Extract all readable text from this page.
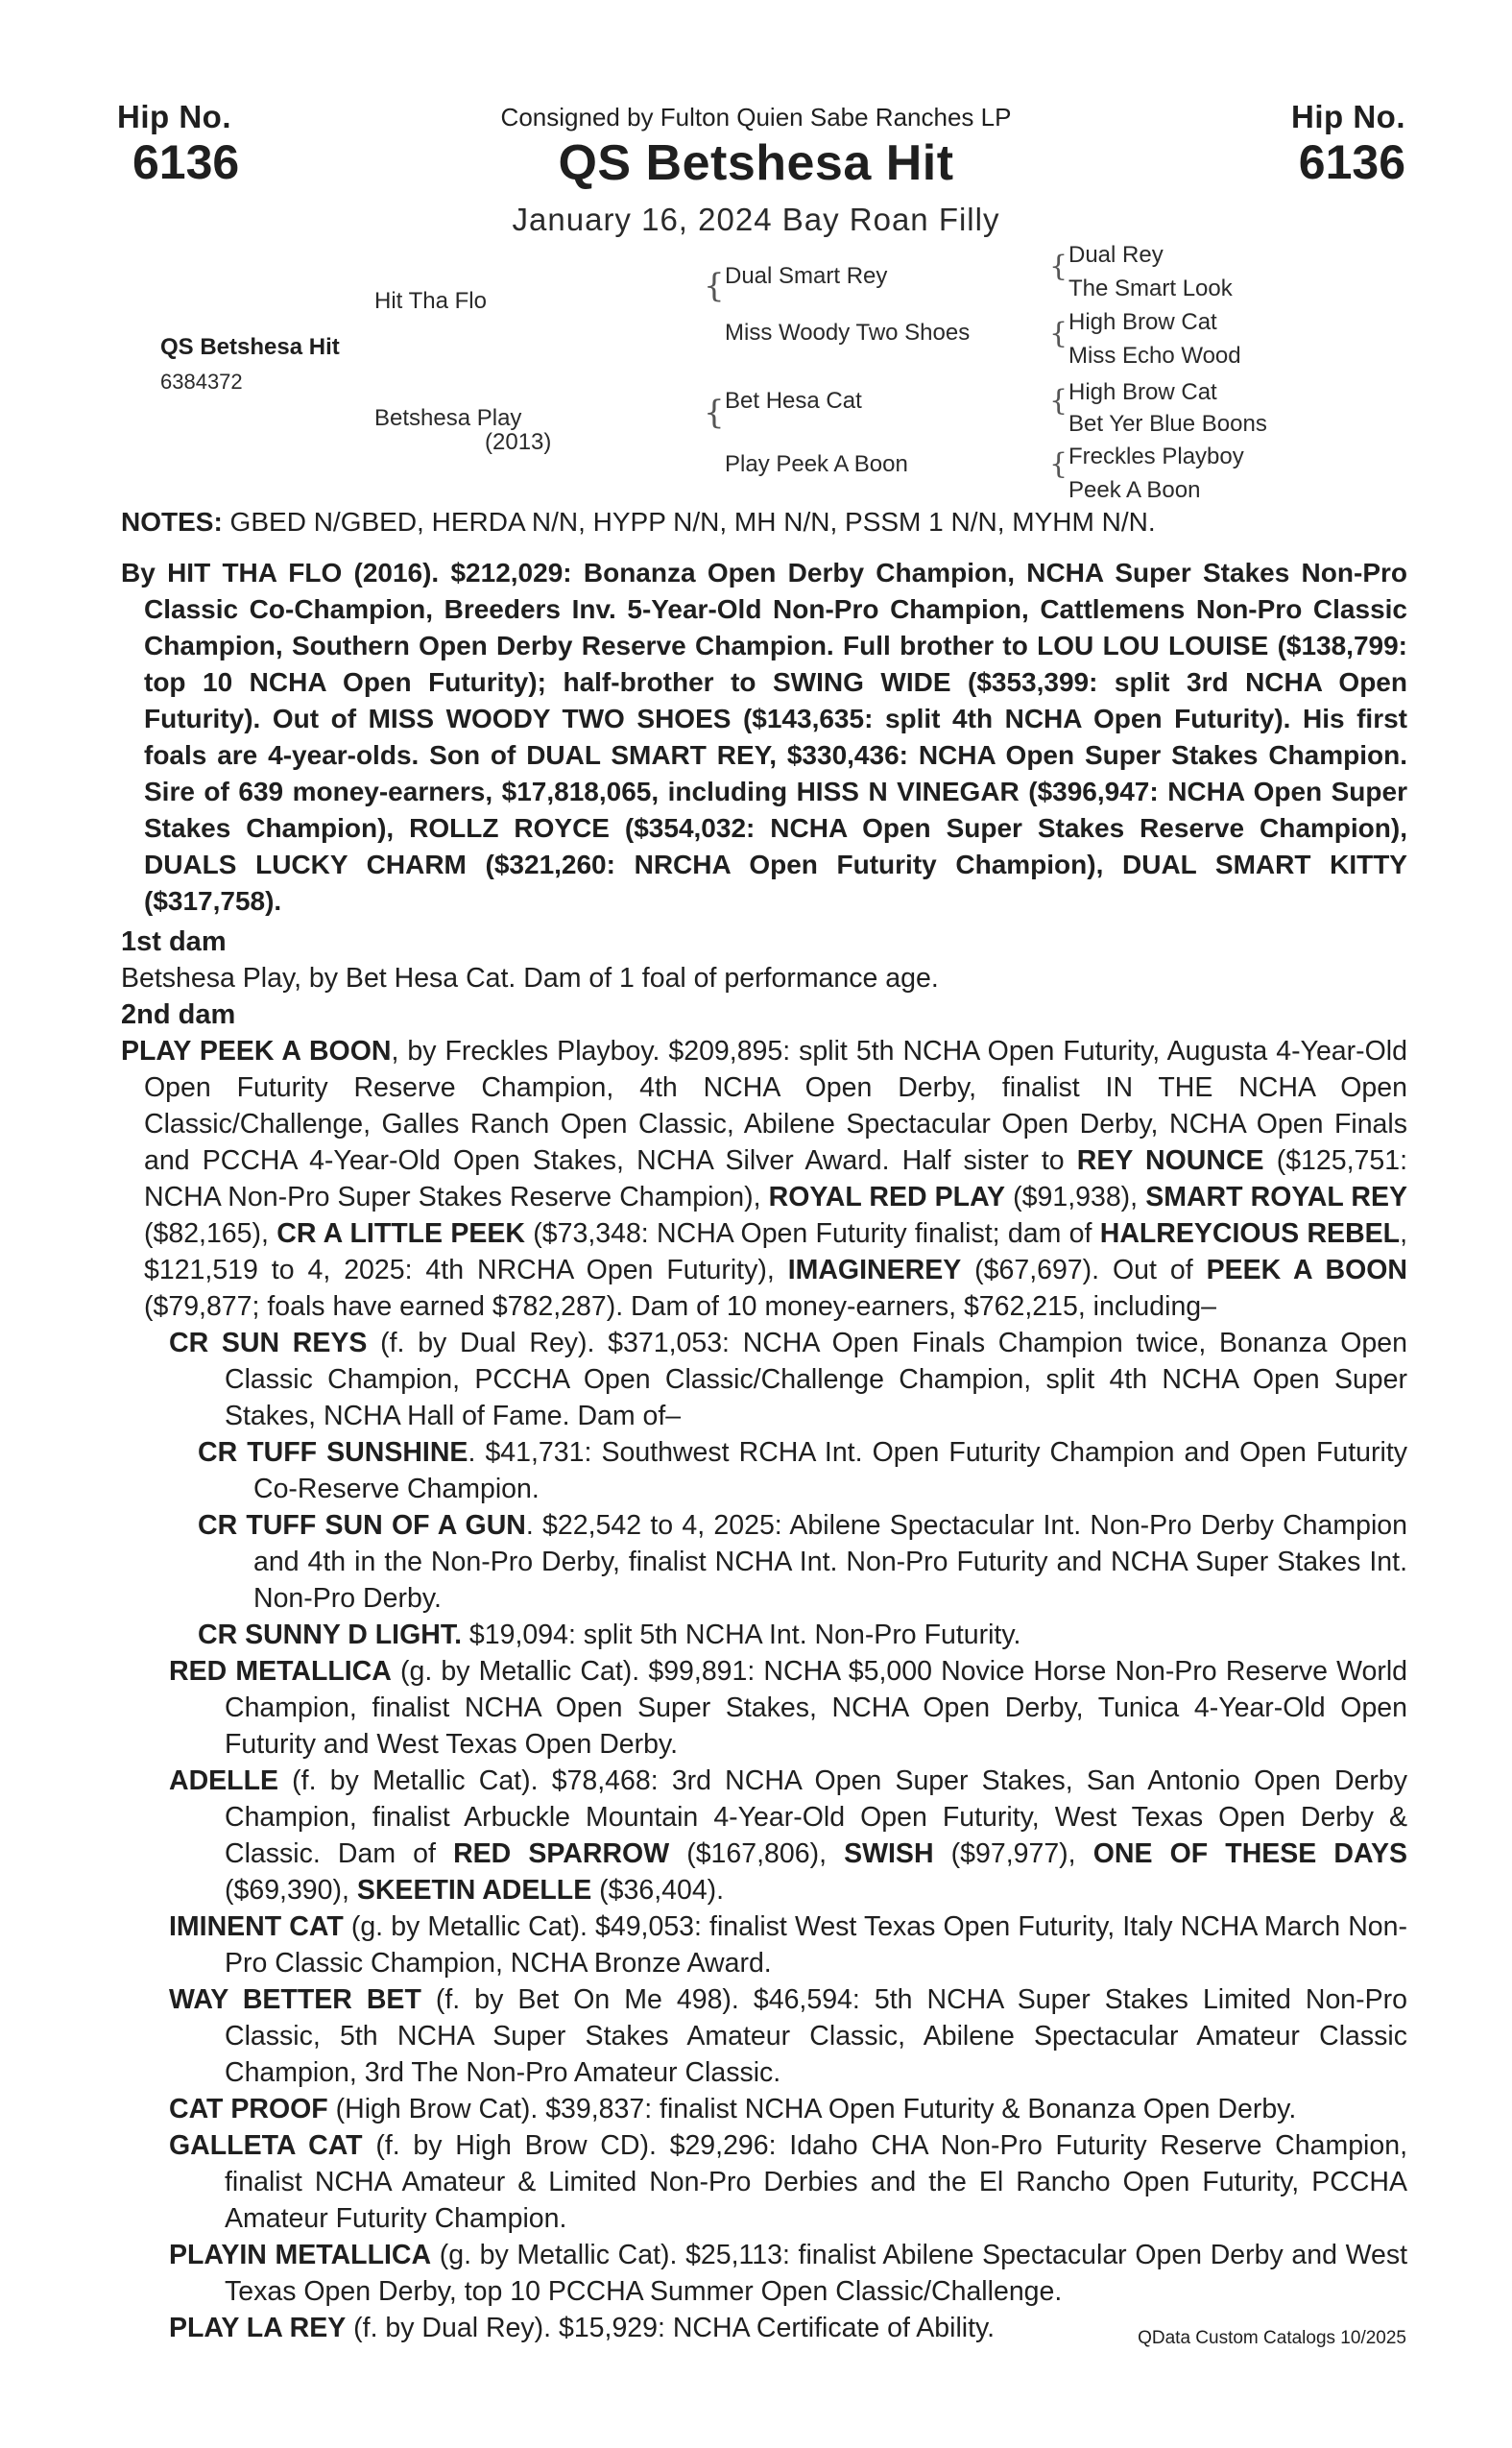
Hip No.
6136
Hip No.
6136
Consigned by Fulton Quien Sabe Ranches LP
QS Betshesa Hit
January 16, 2024 Bay Roan Filly
QS Betshesa Hit
6384372
Hit Tha Flo
Betshesa Play
(2013)
{
{
Dual Smart Rey
Miss Woody Two Shoes
Bet Hesa Cat
Play Peek A Boon
{
{
{
{
Dual Rey
The Smart Look
High Brow Cat
Miss Echo Wood
High Brow Cat
Bet Yer Blue Boons
Freckles Playboy
Peek A Boon
NOTES: GBED N/GBED, HERDA N/N, HYPP N/N, MH N/N, PSSM 1 N/N, MYHM N/N.

By HIT THA FLO (2016). $212,029: Bonanza Open Derby Champion, NCHA Super Stakes Non-Pro Classic Co-Champion, Breeders Inv. 5-Year-Old Non-Pro Champion, Cattlemens Non-Pro Classic Champion, Southern Open Derby Reserve Champion. Full brother to LOU LOU LOUISE ($138,799: top 10 NCHA Open Futurity); half-brother to SWING WIDE ($353,399: split 3rd NCHA Open Futurity). Out of MISS WOODY TWO SHOES ($143,635: split 4th NCHA Open Futurity). His first foals are 4-year-olds. Son of DUAL SMART REY, $330,436: NCHA Open Super Stakes Champion. Sire of 639 money-earners, $17,818,065, including HISS N VINEGAR ($396,947: NCHA Open Super Stakes Champion), ROLLZ ROYCE ($354,032: NCHA Open Super Stakes Reserve Champion), DUALS LUCKY CHARM ($321,260: NRCHA Open Futurity Champion), DUAL SMART KITTY ($317,758).

1st dam

Betshesa Play, by Bet Hesa Cat. Dam of 1 foal of performance age.

2nd dam

PLAY PEEK A BOON, by Freckles Playboy. $209,895: split 5th NCHA Open Futurity, Augusta 4-Year-Old Open Futurity Reserve Champion, 4th NCHA Open Derby, finalist IN THE NCHA Open Classic/Challenge, Galles Ranch Open Classic, Abilene Spectacular Open Derby, NCHA Open Finals and PCCHA 4-Year-Old Open Stakes, NCHA Silver Award. Half sister to REY NOUNCE ($125,751: NCHA Non-Pro Super Stakes Reserve Champion), ROYAL RED PLAY ($91,938), SMART ROYAL REY ($82,165), CR A LITTLE PEEK ($73,348: NCHA Open Futurity finalist; dam of HALREYCIOUS REBEL, $121,519 to 4, 2025: 4th NRCHA Open Futurity), IMAGINEREY ($67,697). Out of PEEK A BOON ($79,877; foals have earned $782,287). Dam of 10 money-earners, $762,215, including–

CR SUN REYS (f. by Dual Rey). $371,053: NCHA Open Finals Champion twice, Bonanza Open Classic Champion, PCCHA Open Classic/Challenge Champion, split 4th NCHA Open Super Stakes, NCHA Hall of Fame. Dam of–

CR TUFF SUNSHINE. $41,731: Southwest RCHA Int. Open Futurity Champion and Open Futurity Co-Reserve Champion.

CR TUFF SUN OF A GUN. $22,542 to 4, 2025: Abilene Spectacular Int. Non-Pro Derby Champion and 4th in the Non-Pro Derby, finalist NCHA Int. Non-Pro Futurity and NCHA Super Stakes Int. Non-Pro Derby.

CR SUNNY D LIGHT. $19,094: split 5th NCHA Int. Non-Pro Futurity.

RED METALLICA (g. by Metallic Cat). $99,891: NCHA $5,000 Novice Horse Non-Pro Reserve World Champion, finalist NCHA Open Super Stakes, NCHA Open Derby, Tunica 4-Year-Old Open Futurity and West Texas Open Derby.

ADELLE (f. by Metallic Cat). $78,468: 3rd NCHA Open Super Stakes, San Antonio Open Derby Champion, finalist Arbuckle Mountain 4-Year-Old Open Futurity, West Texas Open Derby & Classic. Dam of RED SPARROW ($167,806), SWISH ($97,977), ONE OF THESE DAYS ($69,390), SKEETIN ADELLE ($36,404).

IMINENT CAT (g. by Metallic Cat). $49,053: finalist West Texas Open Futurity, Italy NCHA March Non-Pro Classic Champion, NCHA Bronze Award.

WAY BETTER BET (f. by Bet On Me 498). $46,594: 5th NCHA Super Stakes Limited Non-Pro Classic, 5th NCHA Super Stakes Amateur Classic, Abilene Spectacular Amateur Classic Champion, 3rd The Non-Pro Amateur Classic.

CAT PROOF (High Brow Cat). $39,837: finalist NCHA Open Futurity & Bonanza Open Derby.

GALLETA CAT (f. by High Brow CD). $29,296: Idaho CHA Non-Pro Futurity Reserve Champion, finalist NCHA Amateur & Limited Non-Pro Derbies and the El Rancho Open Futurity, PCCHA Amateur Futurity Champion.

PLAYIN METALLICA (g. by Metallic Cat). $25,113: finalist Abilene Spectacular Open Derby and West Texas Open Derby, top 10 PCCHA Summer Open Classic/Challenge.

PLAY LA REY (f. by Dual Rey). $15,929: NCHA Certificate of Ability.	QData Custom Catalogs 10/2025
